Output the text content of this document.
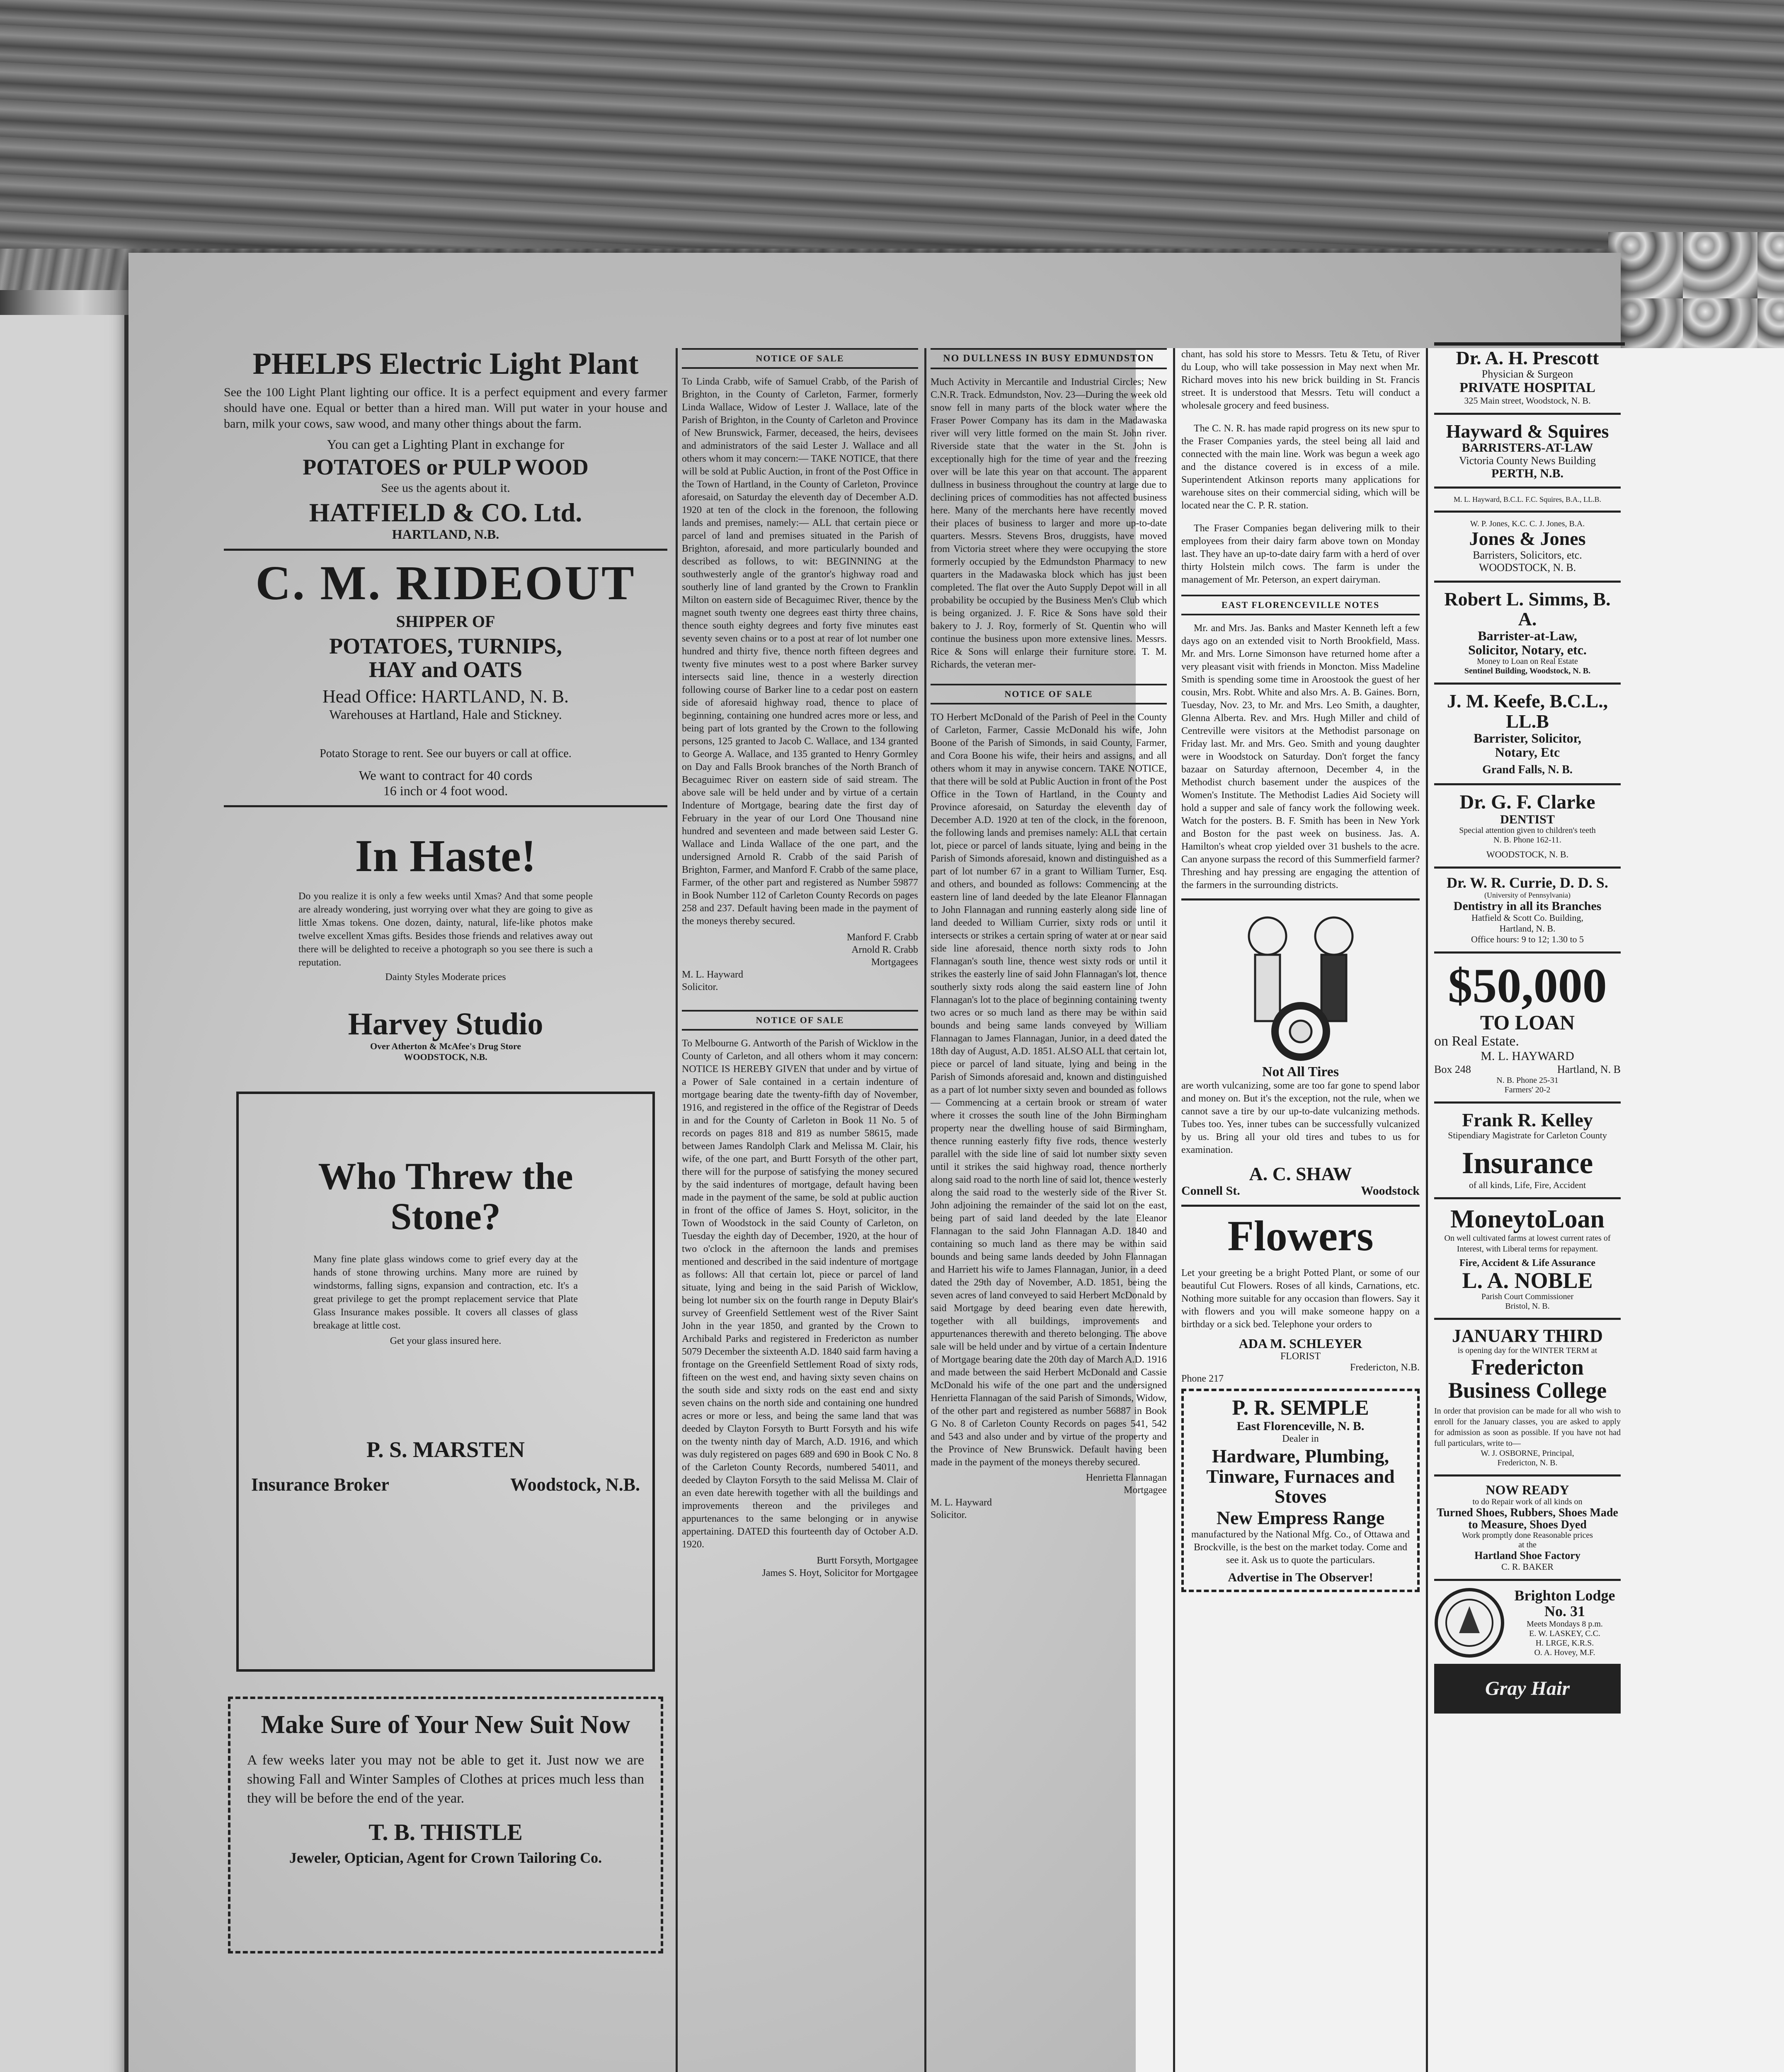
PHELPS Electric Light Plant
See the 100 Light Plant lighting our office. It is a perfect equipment and every farmer should have one. Equal or better than a hired man. Will put water in your house and barn, milk your cows, saw wood, and many other things about the farm.
You can get a Lighting Plant in exchange for
POTATOES or PULP WOOD
See us the agents about it.
HATFIELD & CO. Ltd.
HARTLAND, N.B.
C. M. RIDEOUT
SHIPPER OF
POTATOES, TURNIPS,
HAY and OATS
Head Office: HARTLAND, N. B.
Warehouses at Hartland, Hale and Stickney.
Potato Storage to rent. See our buyers or call at office.
We want to contract for 40 cords
16 inch or 4 foot wood.
In Haste!
Do you realize it is only a few weeks until Xmas? And that some people are already wondering, just worrying over what they are going to give as little Xmas tokens. One dozen, dainty, natural, life-like photos make twelve excellent Xmas gifts. Besides those friends and relatives away out there will be delighted to receive a photograph so you see there is such a reputation.
Dainty Styles Moderate prices
Harvey Studio
Over Atherton & McAfee's Drug Store
WOODSTOCK, N.B.
Who Threw the
Stone?
Many fine plate glass windows come to grief every day at the hands of stone throwing urchins. Many more are ruined by windstorms, falling signs, expansion and contraction, etc. It's a great privilege to get the prompt replacement service that Plate Glass Insurance makes possible. It covers all classes of glass breakage at little cost.
Get your glass insured here.
P. S. MARSTEN
Insurance Broker	Woodstock, N.B.
Make Sure of Your New Suit Now
A few weeks later you may not be able to get it. Just now we are showing Fall and Winter Samples of Clothes at prices much less than they will be before the end of the year.
T. B. THISTLE
Jeweler, Optician, Agent for Crown Tailoring Co.
NOTICE OF SALE
To Linda Crabb, wife of Samuel Crabb, of the Parish of Brighton, in the County of Carleton, Farmer, formerly Linda Wallace, Widow of Lester J. Wallace, late of the Parish of Brighton, in the County of Carleton and Province of New Brunswick, Farmer, deceased, the heirs, devisees and administrators of the said Lester J. Wallace and all others whom it may concern:— TAKE NOTICE, that there will be sold at Public Auction, in front of the Post Office in the Town of Hartland, in the County of Carleton, Province aforesaid, on Saturday the eleventh day of December A.D. 1920 at ten of the clock in the forenoon, the following lands and premises, namely:— ALL that certain piece or parcel of land and premises situated in the Parish of Brighton, aforesaid, and more particularly bounded and described as follows, to wit: BEGINNING at the southwesterly angle of the grantor's highway road and southerly line of land granted by the Crown to Franklin Milton on eastern side of Becaguimec River, thence by the magnet south twenty one degrees east thirty three chains, thence south eighty degrees and forty five minutes east seventy seven chains or to a post at rear of lot number one hundred and thirty five, thence north fifteen degrees and twenty five minutes west to a post where Barker survey intersects said line, thence in a westerly direction following course of Barker line to a cedar post on eastern side of aforesaid highway road, thence to place of beginning, containing one hundred acres more or less, and being part of lots granted by the Crown to the following persons, 125 granted to Jacob C. Wallace, and 134 granted to George A. Wallace, and 135 granted to Henry Gormley on Day and Falls Brook branches of the North Branch of Becaguimec River on eastern side of said stream. The above sale will be held under and by virtue of a certain Indenture of Mortgage, bearing date the first day of February in the year of our Lord One Thousand nine hundred and seventeen and made between said Lester G. Wallace and Linda Wallace of the one part, and the undersigned Arnold R. Crabb of the said Parish of Brighton, Farmer, and Manford F. Crabb of the same place, Farmer, of the other part and registered as Number 59877 in Book Number 112 of Carleton County Records on pages 258 and 237. Default having been made in the payment of the moneys thereby secured.
Manford F. Crabb
Arnold R. Crabb
Mortgagees
M. L. Hayward
Solicitor.
NOTICE OF SALE
To Melbourne G. Antworth of the Parish of Wicklow in the County of Carleton, and all others whom it may concern: NOTICE IS HEREBY GIVEN that under and by virtue of a Power of Sale contained in a certain indenture of mortgage bearing date the twenty-fifth day of November, 1916, and registered in the office of the Registrar of Deeds in and for the County of Carleton in Book 11 No. 5 of records on pages 818 and 819 as number 58615, made between James Randolph Clark and Melissa M. Clair, his wife, of the one part, and Burtt Forsyth of the other part, there will for the purpose of satisfying the money secured by the said indentures of mortgage, default having been made in the payment of the same, be sold at public auction in front of the office of James S. Hoyt, solicitor, in the Town of Woodstock in the said County of Carleton, on Tuesday the eighth day of December, 1920, at the hour of two o'clock in the afternoon the lands and premises mentioned and described in the said indenture of mortgage as follows: All that certain lot, piece or parcel of land situate, lying and being in the said Parish of Wicklow, being lot number six on the fourth range in Deputy Blair's survey of Greenfield Settlement west of the River Saint John in the year 1850, and granted by the Crown to Archibald Parks and registered in Fredericton as number 5079 December the sixteenth A.D. 1840 said farm having a frontage on the Greenfield Settlement Road of sixty rods, fifteen on the west end, and having sixty seven chains on the south side and sixty rods on the east end and sixty seven chains on the north side and containing one hundred acres or more or less, and being the same land that was deeded by Clayton Forsyth to Burtt Forsyth and his wife on the twenty ninth day of March, A.D. 1916, and which was duly registered on pages 689 and 690 in Book C No. 8 of the Carleton County Records, numbered 54011, and deeded by Clayton Forsyth to the said Melissa M. Clair of an even date herewith together with all the buildings and improvements thereon and the privileges and appurtenances to the same belonging or in anywise appertaining. DATED this fourteenth day of October A.D. 1920.
Burtt Forsyth, Mortgagee
James S. Hoyt, Solicitor for Mortgagee
NO DULLNESS IN BUSY EDMUNDSTON
Much Activity in Mercantile and Industrial Circles; New C.N.R. Track. Edmundston, Nov. 23—During the week old snow fell in many parts of the block water where the Fraser Power Company has its dam in the Madawaska river will very little formed on the main St. John river. Riverside state that the water in the St. John is exceptionally high for the time of year and the freezing over will be late this year on that account. The apparent dullness in business throughout the country at large due to declining prices of commodities has not affected business here. Many of the merchants here have recently moved their places of business to larger and more up-to-date quarters. Messrs. Stevens Bros, druggists, have moved from Victoria street where they were occupying the store formerly occupied by the Edmundston Pharmacy to new quarters in the Madawaska block which has just been completed. The flat over the Auto Supply Depot will in all probability be occupied by the Business Men's Club which is being organized. J. F. Rice & Sons have sold their bakery to J. J. Roy, formerly of St. Quentin who will continue the business upon more extensive lines. Messrs. Rice & Sons will enlarge their furniture store. T. M. Richards, the veteran mer-
NOTICE OF SALE
TO Herbert McDonald of the Parish of Peel in the County of Carleton, Farmer, Cassie McDonald his wife, John Boone of the Parish of Simonds, in said County, Farmer, and Cora Boone his wife, their heirs and assigns, and all others whom it may in anywise concern. TAKE NOTICE, that there will be sold at Public Auction in front of the Post Office in the Town of Hartland, in the County and Province aforesaid, on Saturday the eleventh day of December A.D. 1920 at ten of the clock, in the forenoon, the following lands and premises namely: ALL that certain lot, piece or parcel of lands situate, lying and being in the Parish of Simonds aforesaid, known and distinguished as a part of lot number 67 in a grant to William Turner, Esq. and others, and bounded as follows: Commencing at the eastern line of land deeded by the late Eleanor Flannagan to John Flannagan and running easterly along side line of land deeded to William Currier, sixty rods or until it intersects or strikes a certain spring of water at or near said side line aforesaid, thence north sixty rods to John Flannagan's south line, thence west sixty rods or until it strikes the easterly line of said John Flannagan's lot, thence southerly sixty rods along the said eastern line of John Flannagan's lot to the place of beginning containing twenty two acres or so much land as there may be within said bounds and being same lands conveyed by William Flannagan to James Flannagan, Junior, in a deed dated the 18th day of August, A.D. 1851. ALSO ALL that certain lot, piece or parcel of land situate, lying and being in the Parish of Simonds aforesaid and, known and distinguished as a part of lot number sixty seven and bounded as follows— Commencing at a certain brook or stream of water where it crosses the south line of the John Birmingham property near the dwelling house of said Birmingham, thence running easterly fifty five rods, thence westerly parallel with the side line of said lot number sixty seven until it strikes the said highway road, thence northerly along said road to the north line of said lot, thence westerly along the said road to the westerly side of the River St. John adjoining the remainder of the said lot on the east, being part of said land deeded by the late Eleanor Flannagan to the said John Flannagan A.D. 1840 and containing so much land as there may be within said bounds and being same lands deeded by John Flannagan and Harriett his wife to James Flannagan, Junior, in a deed dated the 29th day of November, A.D. 1851, being the seven acres of land conveyed to said Herbert McDonald by said Mortgage by deed bearing even date herewith, together with all buildings, improvements and appurtenances therewith and thereto belonging. The above sale will be held under and by virtue of a certain Indenture of Mortgage bearing date the 20th day of March A.D. 1916 and made between the said Herbert McDonald and Cassie McDonald his wife of the one part and the undersigned Henrietta Flannagan of the said Parish of Simonds, Widow, of the other part and registered as number 56887 in Book G No. 8 of Carleton County Records on pages 541, 542 and 543 and also under and by virtue of the property and the Province of New Brunswick. Default having been made in the payment of the moneys thereby secured.
Henrietta Flannagan
Mortgagee
M. L. Hayward
Solicitor.
chant, has sold his store to Messrs. Tetu & Tetu, of River du Loup, who will take possession in May next when Mr. Richard moves into his new brick building in St. Francis street. It is understood that Messrs. Tetu will conduct a wholesale grocery and feed business.
The C. N. R. has made rapid progress on its new spur to the Fraser Companies yards, the steel being all laid and connected with the main line. Work was begun a week ago and the distance covered is in excess of a mile. Superintendent Atkinson reports many applications for warehouse sites on their commercial siding, which will be located near the C. P. R. station.
The Fraser Companies began delivering milk to their employees from their dairy farm above town on Monday last. They have an up-to-date dairy farm with a herd of over thirty Holstein milch cows. The farm is under the management of Mr. Peterson, an expert dairyman.
EAST FLORENCEVILLE NOTES
Mr. and Mrs. Jas. Banks and Master Kenneth left a few days ago on an extended visit to North Brookfield, Mass. Mr. and Mrs. Lorne Simonson have returned home after a very pleasant visit with friends in Moncton. Miss Madeline Smith is spending some time in Aroostook the guest of her cousin, Mrs. Robt. White and also Mrs. A. B. Gaines. Born, Tuesday, Nov. 23, to Mr. and Mrs. Leo Smith, a daughter, Glenna Alberta. Rev. and Mrs. Hugh Miller and child of Centreville were visitors at the Methodist parsonage on Friday last. Mr. and Mrs. Geo. Smith and young daughter were in Woodstock on Saturday. Don't forget the fancy bazaar on Saturday afternoon, December 4, in the Methodist church basement under the auspices of the Women's Institute. The Methodist Ladies Aid Society will hold a supper and sale of fancy work the following week. Watch for the posters. B. F. Smith has been in New York and Boston for the past week on business. Jas. A. Hamilton's wheat crop yielded over 31 bushels to the acre. Can anyone surpass the record of this Summerfield farmer? Threshing and hay pressing are engaging the attention of the farmers in the surrounding districts.
Not All Tires
are worth vulcanizing, some are too far gone to spend labor and money on. But it's the exception, not the rule, when we cannot save a tire by our up-to-date vulcanizing methods. Tubes too. Yes, inner tubes can be successfully vulcanized by us. Bring all your old tires and tubes to us for examination.
A. C. SHAW
Connell St.	Woodstock
Flowers
Let your greeting be a bright Potted Plant, or some of our beautiful Cut Flowers. Roses of all kinds, Carnations, etc. Nothing more suitable for any occasion than flowers. Say it with flowers and you will make someone happy on a birthday or a sick bed. Telephone your orders to
ADA M. SCHLEYER
FLORIST
Fredericton, N.B.
Phone 217
P. R. SEMPLE
East Florenceville, N. B.
Dealer in
Hardware, Plumbing, Tinware, Furnaces and Stoves
New Empress Range
manufactured by the National Mfg. Co., of Ottawa and Brockville, is the best on the market today. Come and see it. Ask us to quote the particulars.
Advertise in The Observer!
Dr. A. H. Prescott
Physician & Surgeon
PRIVATE HOSPITAL
325 Main street, Woodstock, N. B.
Hayward & Squires
BARRISTERS-AT-LAW
Victoria County News Building
PERTH, N.B.
M. L. Hayward, B.C.L. F.C. Squires, B.A., LL.B.
W. P. Jones, K.C. C. J. Jones, B.A.
Jones & Jones
Barristers, Solicitors, etc.
WOODSTOCK, N. B.
Robert L. Simms, B. A.
Barrister-at-Law,
Solicitor, Notary, etc.
Money to Loan on Real Estate
Sentinel Building, Woodstock, N. B.
J. M. Keefe, B.C.L., LL.B
Barrister, Solicitor,
Notary, Etc
Grand Falls, N. B.
Dr. G. F. Clarke
DENTIST
Special attention given to children's teeth
N. B. Phone 162-11.
WOODSTOCK, N. B.
Dr. W. R. Currie, D. D. S.
(University of Pennsylvania)
Dentistry in all its Branches
Hatfield & Scott Co. Building,
Hartland, N. B.
Office hours: 9 to 12; 1.30 to 5
$50,000
TO LOAN
on Real Estate.
M. L. HAYWARD
Box 248	Hartland, N. B
N. B. Phone 25-31
Farmers' 20-2
Frank R. Kelley
Stipendiary Magistrate for Carleton County
Insurance
of all kinds, Life, Fire, Accident
MoneytoLoan
On well cultivated farms at lowest current rates of Interest, with Liberal terms for repayment.
Fire, Accident & Life Assurance
L. A. NOBLE
Parish Court Commissioner
Bristol, N. B.
JANUARY THIRD
is opening day for the WINTER TERM at
Fredericton
Business College
In order that provision can be made for all who wish to enroll for the January classes, you are asked to apply for admission as soon as possible. If you have not had full particulars, write to—
W. J. OSBORNE, Principal,
Fredericton, N. B.
NOW READY
to do Repair work of all kinds on
Turned Shoes, Rubbers, Shoes Made to Measure, Shoes Dyed
Work promptly done Reasonable prices
at the
Hartland Shoe Factory
C. R. BAKER
Brighton Lodge
No. 31
Meets Mondays 8 p.m.
E. W. LASKEY, C.C.
H. LRGE, K.R.S.
O. A. Hovey, M.F.
Gray Hair
